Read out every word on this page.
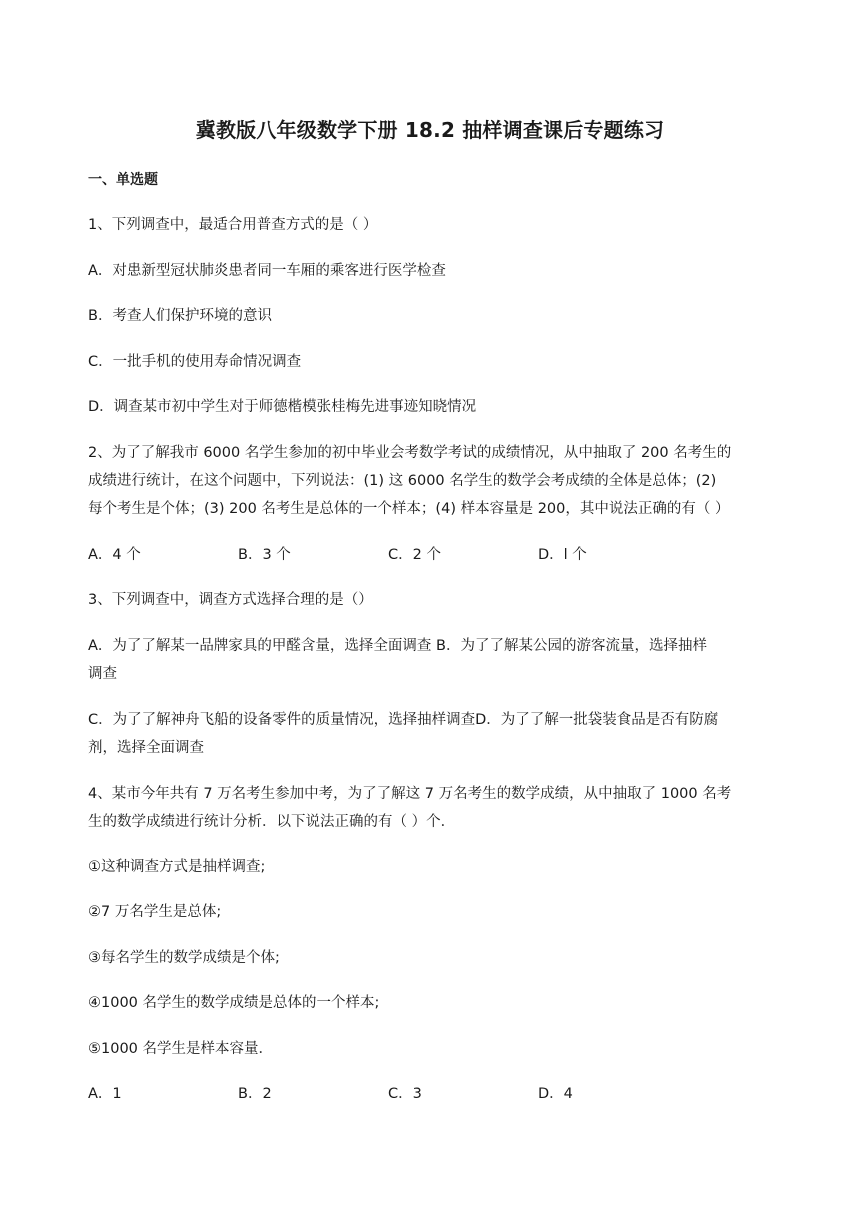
冀教版八年级数学下册 18.2 抽样调查课后专题练习
一、单选题
1、下列调查中，最适合用普查方式的是（ ）
A．对患新型冠状肺炎患者同一车厢的乘客进行医学检查
B．考查人们保护环境的意识
C．一批手机的使用寿命情况调查
D．调查某市初中学生对于师德楷模张桂梅先进事迹知晓情况
2、为了了解我市 6000 名学生参加的初中毕业会考数学考试的成绩情况，从中抽取了 200 名考生的
成绩进行统计，在这个问题中，下列说法：(1) 这 6000 名学生的数学会考成绩的全体是总体；(2)
每个考生是个体；(3) 200 名考生是总体的一个样本；(4) 样本容量是 200，其中说法正确的有（ ）
A．4 个	B．3 个	C．2 个	D．l 个
3、下列调查中，调查方式选择合理的是（）
A．为了了解某一品牌家具的甲醛含量，选择全面调查 B．为了了解某公园的游客流量，选择抽样
调查
C．为了了解神舟飞船的设备零件的质量情况，选择抽样调查D．为了了解一批袋装食品是否有防腐
剂，选择全面调查
4、某市今年共有 7 万名考生参加中考，为了了解这 7 万名考生的数学成绩，从中抽取了 1000 名考
生的数学成绩进行统计分析．以下说法正确的有（ ）个．
①这种调查方式是抽样调查;
②7 万名学生是总体;
③每名学生的数学成绩是个体;
④1000 名学生的数学成绩是总体的一个样本;
⑤1000 名学生是样本容量．
A．1	B．2	C．3	D．4
